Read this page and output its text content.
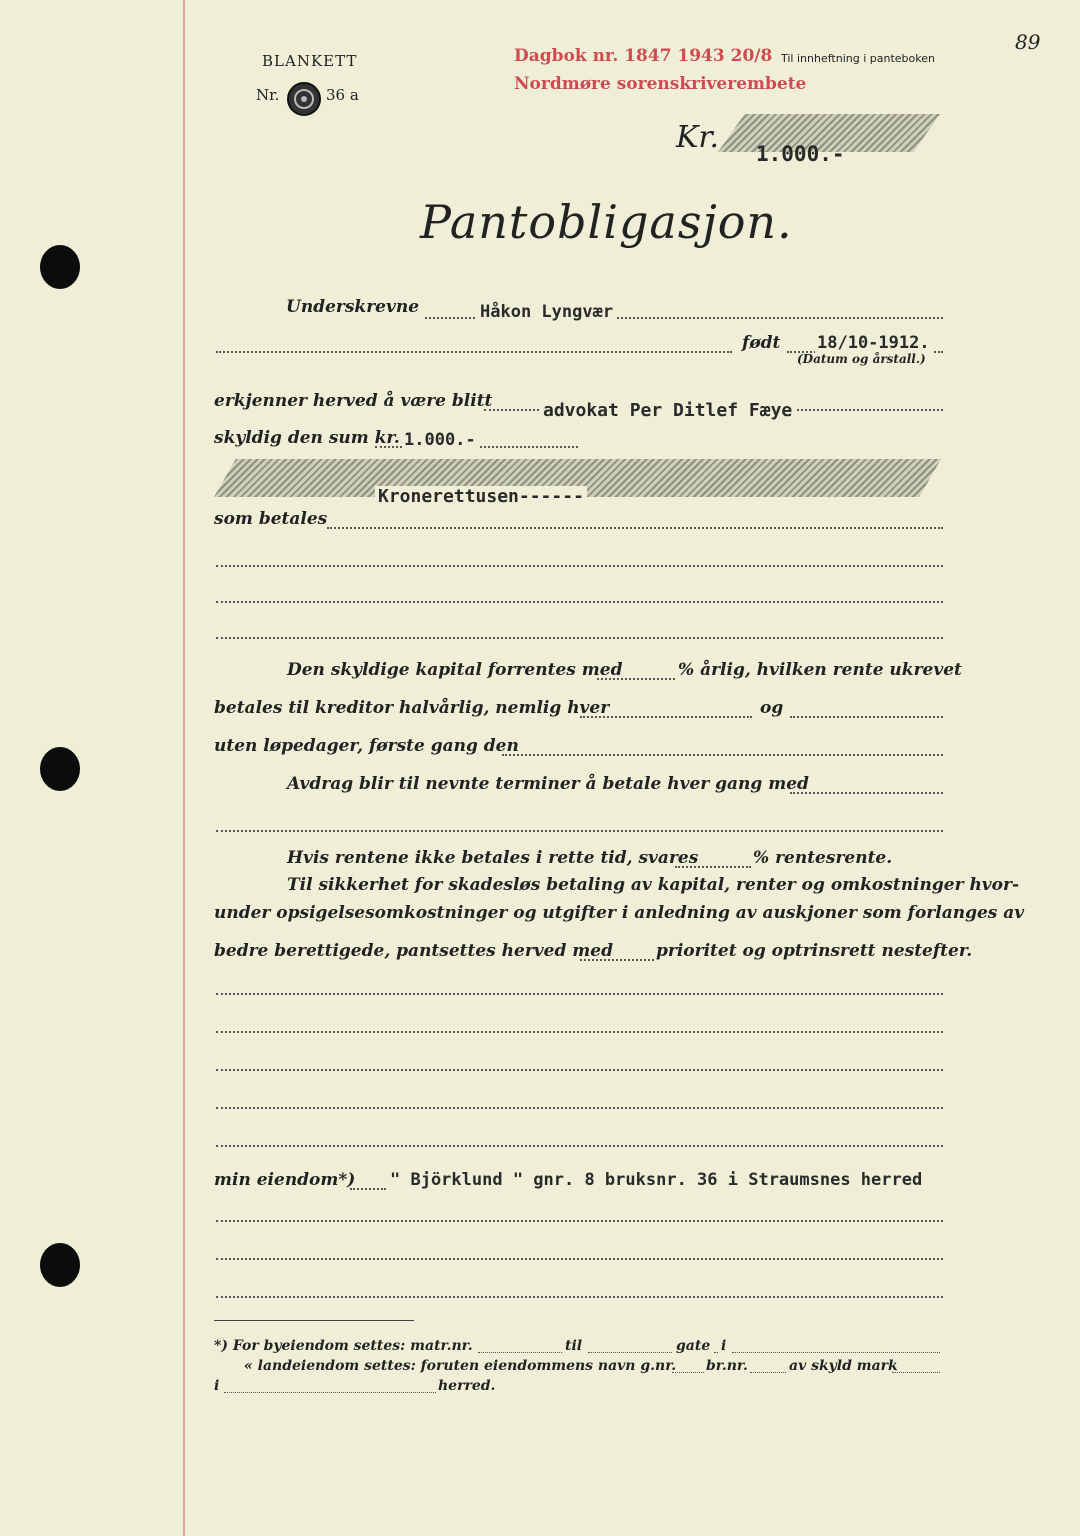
BLANKETT
Nr.	36 a
Dagbok nr. 1847 1943 20/8
Nordmøre sorenskriverembete
Til innheftning i panteboken
89
Kr. 1.000.-
Pantobligasjon.
Underskrevne	Håkon Lyngvær
født 18/10-1912.
(Datum og årstall.)
erkjenner herved å være blitt	advokat Per Ditlef Fæye
skyldig den sum kr. 1.000.-
Kronerettusen------
som betales
Den skyldige kapital forrentes med	% årlig, hvilken rente ukrevet
betales til kreditor halvårlig, nemlig hver	og
uten løpedager, første gang den
Avdrag blir til nevnte terminer å betale hver gang med
Hvis rentene ikke betales i rette tid, svares	% rentesrente.
Til sikkerhet for skadesløs betaling av kapital, renter og omkostninger hvor-
under opsigelsesomkostninger og utgifter i anledning av auskjoner som forlanges av
bedre berettigede, pantsettes herved med	prioritet og optrinsrett nestefter.
min eiendom*) " Björklund " gnr. 8 bruksnr. 36 i Straumsnes herred
*) For byeiendom settes: matr.nr.	til	gate i
« landeiendom settes: foruten eiendommens navn g.nr. br.nr.	av skyld mark
i	herred.
